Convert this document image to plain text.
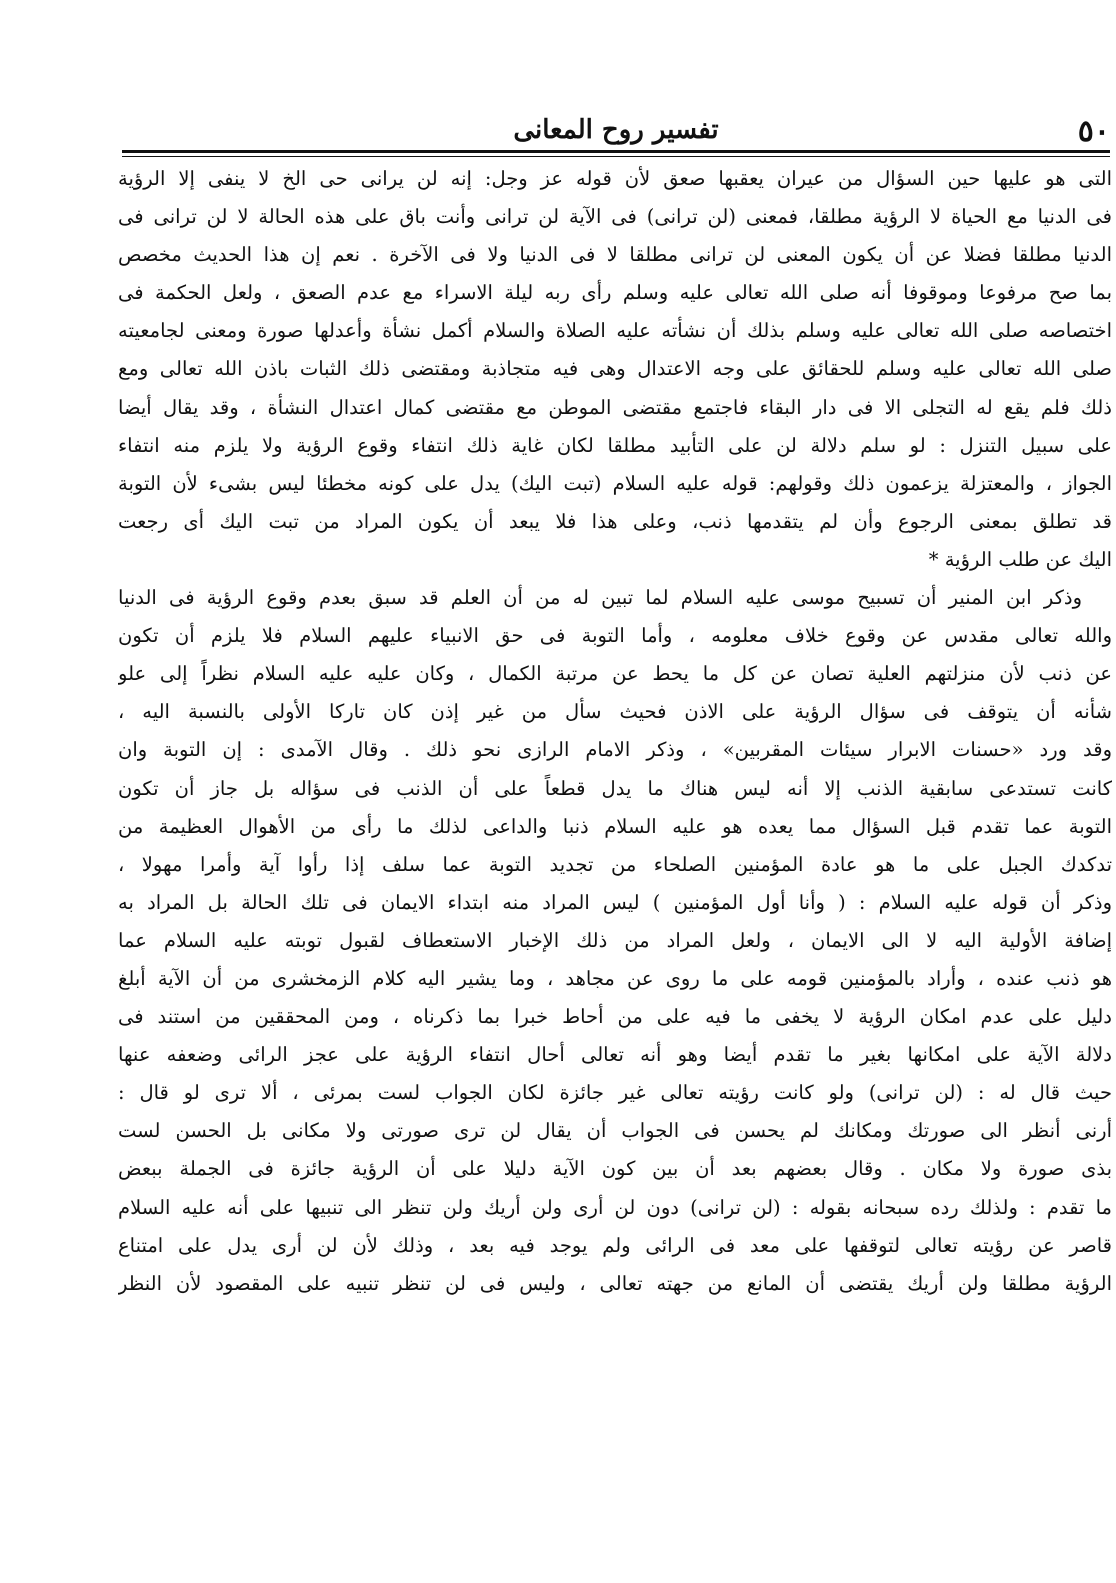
٥٠
تفسير روح المعانى
التى هو عليها حين السؤال من عيران يعقبها صعق لأن قوله عز وجل: إنه لن يرانى حى الخ لا ينفى إلا الرؤية
فى الدنيا مع الحياة لا الرؤية مطلقا، فمعنى (لن ترانى) فى الآية لن ترانى وأنت باق على هذه الحالة لا لن ترانى فى
الدنيا مطلقا فضلا عن أن يكون المعنى لن ترانى مطلقا لا فى الدنيا ولا فى الآخرة . نعم إن هذا الحديث مخصص
بما صح مرفوعا وموقوفا أنه صلى الله تعالى عليه وسلم رأى ربه ليلة الاسراء مع عدم الصعق ، ولعل الحكمة فى
اختصاصه صلى الله تعالى عليه وسلم بذلك أن نشأته عليه الصلاة والسلام أكمل نشأة وأعدلها صورة ومعنى لجامعيته
صلى الله تعالى عليه وسلم للحقائق على وجه الاعتدال وهى فيه متجاذبة ومقتضى ذلك الثبات باذن الله تعالى ومع
ذلك فلم يقع له التجلى الا فى دار البقاء فاجتمع مقتضى الموطن مع مقتضى كمال اعتدال النشأة ، وقد يقال أيضا
على سبيل التنزل : لو سلم دلالة لن على التأبيد مطلقا لكان غاية ذلك انتفاء وقوع الرؤية ولا يلزم منه انتفاء
الجواز ، والمعتزلة يزعمون ذلك وقولهم: قوله عليه السلام (تبت اليك) يدل على كونه مخطئا ليس بشىء لأن التوبة
قد تطلق بمعنى الرجوع وأن لم يتقدمها ذنب، وعلى هذا فلا يبعد أن يكون المراد من تبت اليك أى رجعت
اليك عن طلب الرؤية *
وذكر ابن المنير أن تسبيح موسى عليه السلام لما تبين له من أن العلم قد سبق بعدم وقوع الرؤية فى الدنيا
والله تعالى مقدس عن وقوع خلاف معلومه ، وأما التوبة فى حق الانبياء عليهم السلام فلا يلزم أن تكون
عن ذنب لأن منزلتهم العلية تصان عن كل ما يحط عن مرتبة الكمال ، وكان عليه عليه السلام نظراً إلى علو
شأنه أن يتوقف فى سؤال الرؤية على الاذن فحيث سأل من غير إذن كان تاركا الأولى بالنسبة اليه ،
وقد ورد «حسنات الابرار سيئات المقربين» ، وذكر الامام الرازى نحو ذلك . وقال الآمدى : إن التوبة وان
كانت تستدعى سابقية الذنب إلا أنه ليس هناك ما يدل قطعاً على أن الذنب فى سؤاله بل جاز أن تكون
التوبة عما تقدم قبل السؤال مما يعده هو عليه السلام ذنبا والداعى لذلك ما رأى من الأهوال العظيمة من
تدكدك الجبل على ما هو عادة المؤمنين الصلحاء من تجديد التوبة عما سلف إذا رأوا آية وأمرا مهولا ،
وذكر أن قوله عليه السلام : ( وأنا أول المؤمنين ) ليس المراد منه ابتداء الايمان فى تلك الحالة بل المراد به
إضافة الأولية اليه لا الى الايمان ، ولعل المراد من ذلك الإخبار الاستعطاف لقبول توبته عليه السلام عما
هو ذنب عنده ، وأراد بالمؤمنين قومه على ما روى عن مجاهد ، وما يشير اليه كلام الزمخشرى من أن الآية أبلغ
دليل على عدم امكان الرؤية لا يخفى ما فيه على من أحاط خبرا بما ذكرناه ، ومن المحققين من استند فى
دلالة الآية على امكانها بغير ما تقدم أيضا وهو أنه تعالى أحال انتفاء الرؤية على عجز الرائى وضعفه عنها
حيث قال له : (لن ترانى) ولو كانت رؤيته تعالى غير جائزة لكان الجواب لست بمرئى ، ألا ترى لو قال :
أرنى أنظر الى صورتك ومكانك لم يحسن فى الجواب أن يقال لن ترى صورتى ولا مكانى بل الحسن لست
بذى صورة ولا مكان . وقال بعضهم بعد أن بين كون الآية دليلا على أن الرؤية جائزة فى الجملة ببعض
ما تقدم : ولذلك رده سبحانه بقوله : (لن ترانى) دون لن أرى ولن أريك ولن تنظر الى تنبيها على أنه عليه السلام
قاصر عن رؤيته تعالى لتوقفها على معد فى الرائى ولم يوجد فيه بعد ، وذلك لأن لن أرى يدل على امتناع
الرؤية مطلقا ولن أريك يقتضى أن المانع من جهته تعالى ، وليس فى لن تنظر تنبيه على المقصود لأن النظر
